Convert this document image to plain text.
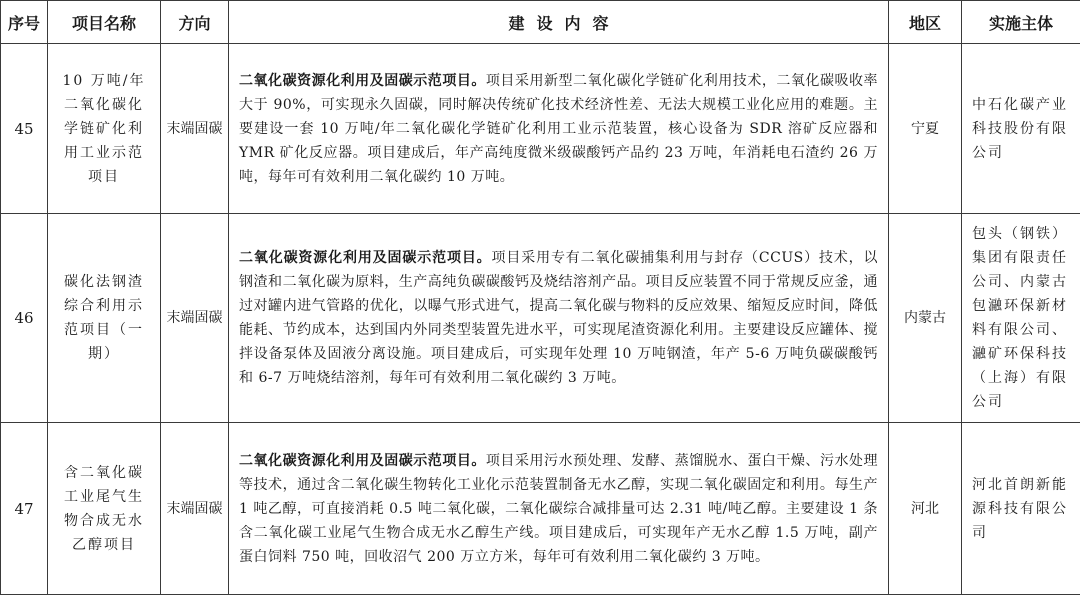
序号	项目名称	方向	建设内容	地区	实施主体
45	10 万吨/年二氧化碳化学链矿化利用工业示范项目	末端固碳	二氧化碳资源化利用及固碳示范项目。项目采用新型二氧化碳化学链矿化利用技术，二氧化碳吸收率大于 90%，可实现永久固碳，同时解决传统矿化技术经济性差、无法大规模工业化应用的难题。主要建设一套 10 万吨/年二氧化碳化学链矿化利用工业示范装置，核心设备为 SDR 溶矿反应器和 YMR 矿化反应器。项目建成后，年产高纯度微米级碳酸钙产品约 23 万吨，年消耗电石渣约 26 万吨，每年可有效利用二氧化碳约 10 万吨。	宁夏	中石化碳产业科技股份有限公司
46	碳化法钢渣综合利用示范项目（一期）	末端固碳	二氧化碳资源化利用及固碳示范项目。项目采用专有二氧化碳捕集利用与封存（CCUS）技术，以钢渣和二氧化碳为原料，生产高纯负碳碳酸钙及烧结溶剂产品。项目反应装置不同于常规反应釜，通过对罐内进气管路的优化，以曝气形式进气，提高二氧化碳与物料的反应效果、缩短反应时间，降低能耗、节约成本，达到国内外同类型装置先进水平，可实现尾渣资源化利用。主要建设反应罐体、搅拌设备泵体及固液分离设施。项目建成后，可实现年处理 10 万吨钢渣，年产 5-6 万吨负碳碳酸钙和 6-7 万吨烧结溶剂，每年可有效利用二氧化碳约 3 万吨。	内蒙古	包头（钢铁）集团有限责任公司、内蒙古包瀜环保新材料有限公司、瀜矿环保科技（上海）有限公司
47	含二氧化碳工业尾气生物合成无水乙醇项目	末端固碳	二氧化碳资源化利用及固碳示范项目。项目采用污水预处理、发酵、蒸馏脱水、蛋白干燥、污水处理等技术，通过含二氧化碳生物转化工业化示范装置制备无水乙醇，实现二氧化碳固定和利用。每生产 1 吨乙醇，可直接消耗 0.5 吨二氧化碳，二氧化碳综合减排量可达 2.31 吨/吨乙醇。主要建设 1 条含二氧化碳工业尾气生物合成无水乙醇生产线。项目建成后，可实现年产无水乙醇 1.5 万吨，副产蛋白饲料 750 吨，回收沼气 200 万立方米，每年可有效利用二氧化碳约 3 万吨。	河北	河北首朗新能源科技有限公司
